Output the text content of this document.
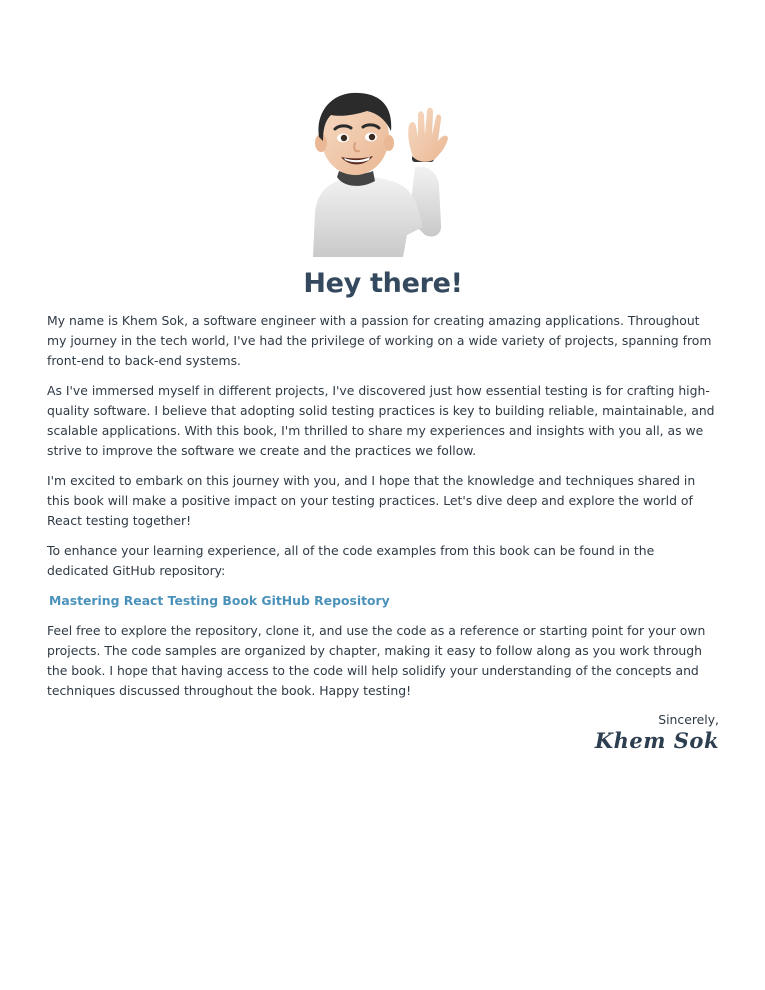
Hey there!

My name is Khem Sok, a software engineer with a passion for creating amazing applications. Throughout my journey in the tech world, I've had the privilege of working on a wide variety of projects, spanning from front-end to back-end systems.

As I've immersed myself in different projects, I've discovered just how essential testing is for crafting high-quality software. I believe that adopting solid testing practices is key to building reliable, maintainable, and scalable applications. With this book, I'm thrilled to share my experiences and insights with you all, as we strive to improve the software we create and the practices we follow.

I'm excited to embark on this journey with you, and I hope that the knowledge and techniques shared in this book will make a positive impact on your testing practices. Let's dive deep and explore the world of React testing together!

To enhance your learning experience, all of the code examples from this book can be found in the dedicated GitHub repository:

Mastering React Testing Book GitHub Repository

Feel free to explore the repository, clone it, and use the code as a reference or starting point for your own projects. The code samples are organized by chapter, making it easy to follow along as you work through the book. I hope that having access to the code will help solidify your understanding of the concepts and techniques discussed throughout the book. Happy testing!

Sincerely,
Khem Sok
